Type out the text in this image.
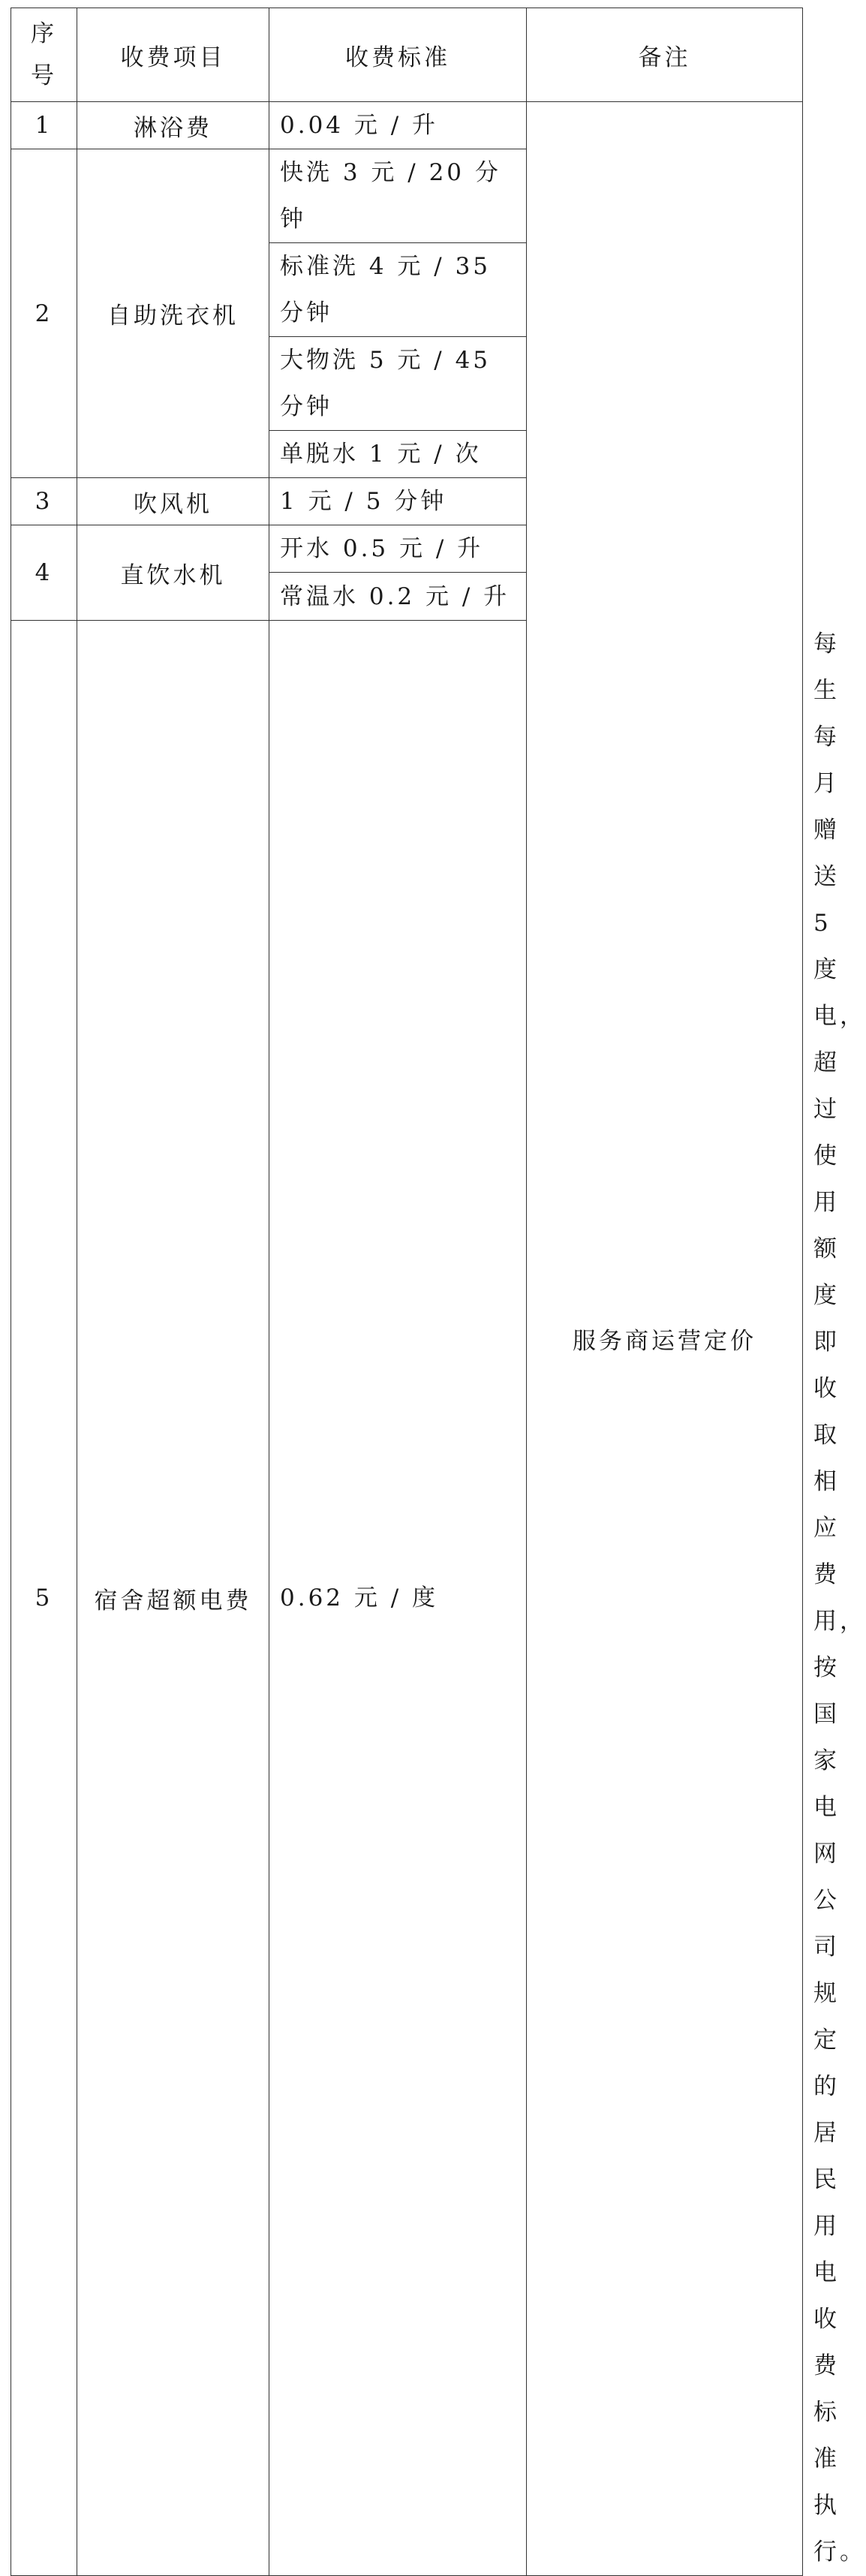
序号	收费项目	收费标准	备注	
1	淋浴费	0.04 元 / 升	服务商运营定价	
2	自助洗衣机	快洗 3 元 / 20 分钟		
		标准洗 4 元 / 35 分钟		
		大物洗 5 元 / 45 分钟		
		单脱水 1 元 / 次		
3	吹风机	1 元 / 5 分钟		
4	直饮水机	开水 0.5 元 / 升		
		常温水 0.2 元 / 升		
5	宿舍超额电费	0.62 元 / 度		每生每月赠送 5 度电，超过使用额度即收取相应费用，按国家电网公司规定的居民用电收费标准执行。
